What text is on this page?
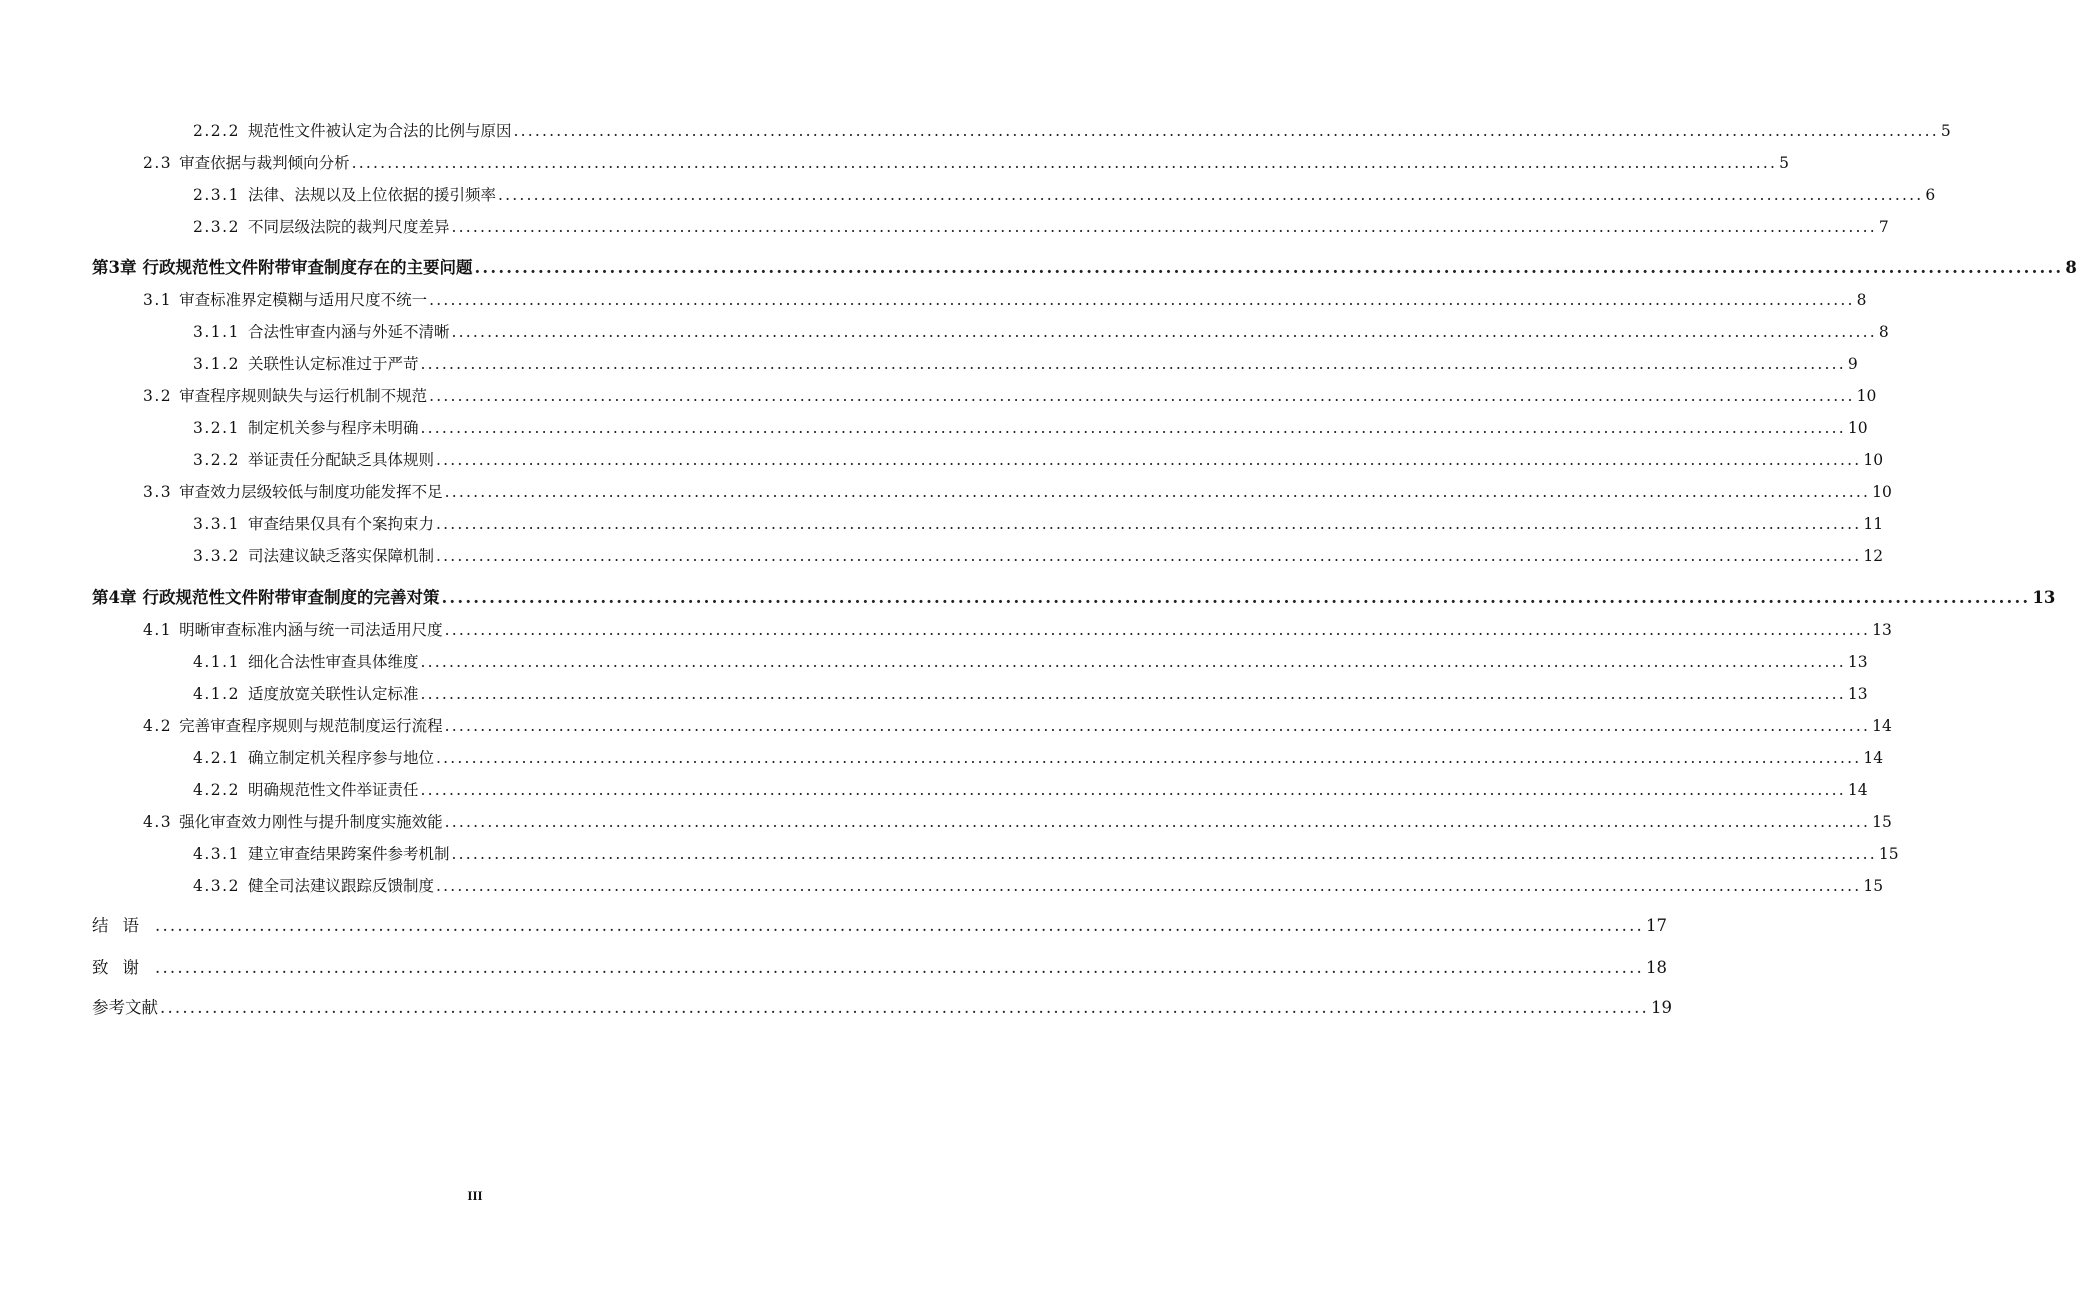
2.2.2 规范性文件被认定为合法的比例与原因 ........................................................................................................................................................................................................ 5
2.3 审查依据与裁判倾向分析 ........................................................................................................................................................................................................ 5
2.3.1 法律、法规以及上位依据的援引频率 ........................................................................................................................................................................................................ 6
2.3.2 不同层级法院的裁判尺度差异 ........................................................................................................................................................................................................ 7
第3章 行政规范性文件附带审查制度存在的主要问题 ........................................................................................................................................................................................................ 8
3.1 审查标准界定模糊与适用尺度不统一 ........................................................................................................................................................................................................ 8
3.1.1 合法性审查内涵与外延不清晰 ........................................................................................................................................................................................................ 8
3.1.2 关联性认定标准过于严苛 ........................................................................................................................................................................................................ 9
3.2 审查程序规则缺失与运行机制不规范 ........................................................................................................................................................................................................ 10
3.2.1 制定机关参与程序未明确 ........................................................................................................................................................................................................ 10
3.2.2 举证责任分配缺乏具体规则 ........................................................................................................................................................................................................ 10
3.3 审查效力层级较低与制度功能发挥不足 ........................................................................................................................................................................................................ 10
3.3.1 审查结果仅具有个案拘束力 ........................................................................................................................................................................................................ 11
3.3.2 司法建议缺乏落实保障机制 ........................................................................................................................................................................................................ 12
第4章 行政规范性文件附带审查制度的完善对策 ........................................................................................................................................................................................................ 13
4.1 明晰审查标准内涵与统一司法适用尺度 ........................................................................................................................................................................................................ 13
4.1.1 细化合法性审查具体维度 ........................................................................................................................................................................................................ 13
4.1.2 适度放宽关联性认定标准 ........................................................................................................................................................................................................ 13
4.2 完善审查程序规则与规范制度运行流程 ........................................................................................................................................................................................................ 14
4.2.1 确立制定机关程序参与地位 ........................................................................................................................................................................................................ 14
4.2.2 明确规范性文件举证责任 ........................................................................................................................................................................................................ 14
4.3 强化审查效力刚性与提升制度实施效能 ........................................................................................................................................................................................................ 15
4.3.1 建立审查结果跨案件参考机制 ........................................................................................................................................................................................................ 15
4.3.2 健全司法建议跟踪反馈制度 ........................................................................................................................................................................................................ 15
结语 ........................................................................................................................................................................................................ 17
致谢 ........................................................................................................................................................................................................ 18
参考文献 ........................................................................................................................................................................................................ 19
III
